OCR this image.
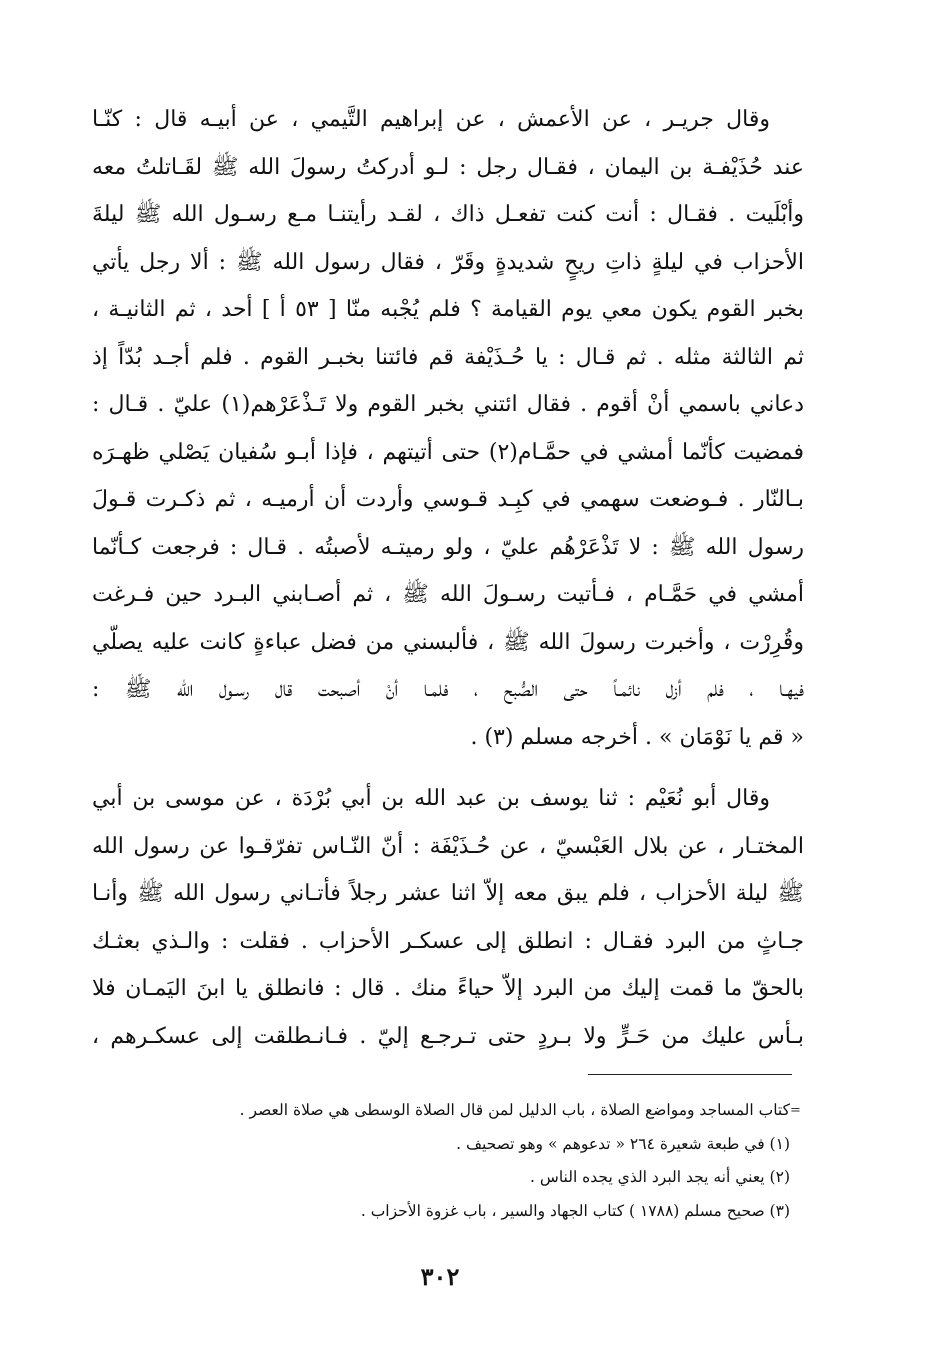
وقال جريـر ، عن الأعمش ، عن إبراهيم التَّيمي ، عن أبيـه قال : كنّـا
عند حُذَيْفـة بن اليمان ، فقـال رجل : لـو أدركتُ رسولَ الله ﷺ لقَـاتلتُ معه
وأبْلَيت . فقـال : أنت كنت تفعـل ذاك ، لقـد رأيتنـا مـع رسـول الله ﷺ ليلةَ
الأحزاب في ليلةٍ ذاتِ ريحٍ شديدةٍ وقَرّ ، فقال رسول الله ﷺ : ألا رجل يأتي
بخبر القوم يكون معي يوم القيامة ؟ فلم يُجْبه منّا [ ٥٣ أ ] أحد ، ثم الثانيـة ،
ثم الثالثة مثله . ثم قـال : يا حُـذَيْفة قم فائتنا بخبـر القوم . فلم أجـد بُدّاً إذ
دعاني باسمي أنْ أقوم . فقال ائتني بخبر القوم ولا تَـذْعَرْهم(١) عليّ . قـال :
فمضيت كأنّما أمشي في حمَّـام(٢) حتى أتيتهم ، فإذا أبـو سُفيان يَصْلي ظهـرَه
بـالنّار . فـوضعت سهمي في كبِـد قـوسي وأردت أن أرميـه ، ثم ذكـرت قـولَ
رسول الله ﷺ : لا تَذْعَرْهُم عليّ ، ولو رميتـه لأصبتُه . قـال : فرجعت كـأنّما
أمشي في حَمَّـام ، فـأتيت رسـولَ الله ﷺ ، ثم أصـابني البـرد حين فـرغت
وقُرِرْت ، وأخبرت رسولَ الله ﷺ ، فألبسني من فضل عباءةٍ كانت عليه يصلّي
فيهـا ، فلم أزل نائمـاً حتى الصُّبح ، فلمـا أنْ أصبحت قال رسـول الله ﷺ :
« قم يا نَوْمَان » . أخرجه مسلم (٣) .
وقال أبو نُعَيْم : ثنا يوسف بن عبد الله بن أبي بُرْدَة ، عن موسى بن أبي
المختـار ، عن بلال العَبْسيّ ، عن حُـذَيْفَة : أنّ النّـاس تفرّقـوا عن رسول الله
ﷺ ليلة الأحزاب ، فلم يبق معه إلاّ اثنا عشر رجلاً فأتـاني رسول الله ﷺ وأنـا
جـاثٍ من البرد فقـال : انطلق إلى عسكـر الأحزاب . فقلت : والـذي بعثـك
بالحقّ ما قمت إليك من البرد إلاّ حياءً منك . قال : فانطلق يا ابنَ اليَمـان فلا
بـأس عليك من حَـرٍّ ولا بـردٍ حتى تـرجـع إليّ . فـانـطلقت إلى عسكـرهم ،
=
كتاب المساجد ومواضع الصلاة ، باب الدليل لمن قال الصلاة الوسطى هي صلاة العصر .
(١) في طبعة شعيرة ٢٦٤ « تدعوهم » وهو تصحيف .
(٢) يعني أنه يجد البرد الذي يجده الناس .
(٣) صحيح مسلم (١٧٨٨ ) كتاب الجهاد والسير ، باب غزوة الأحزاب .
٣٠٢
